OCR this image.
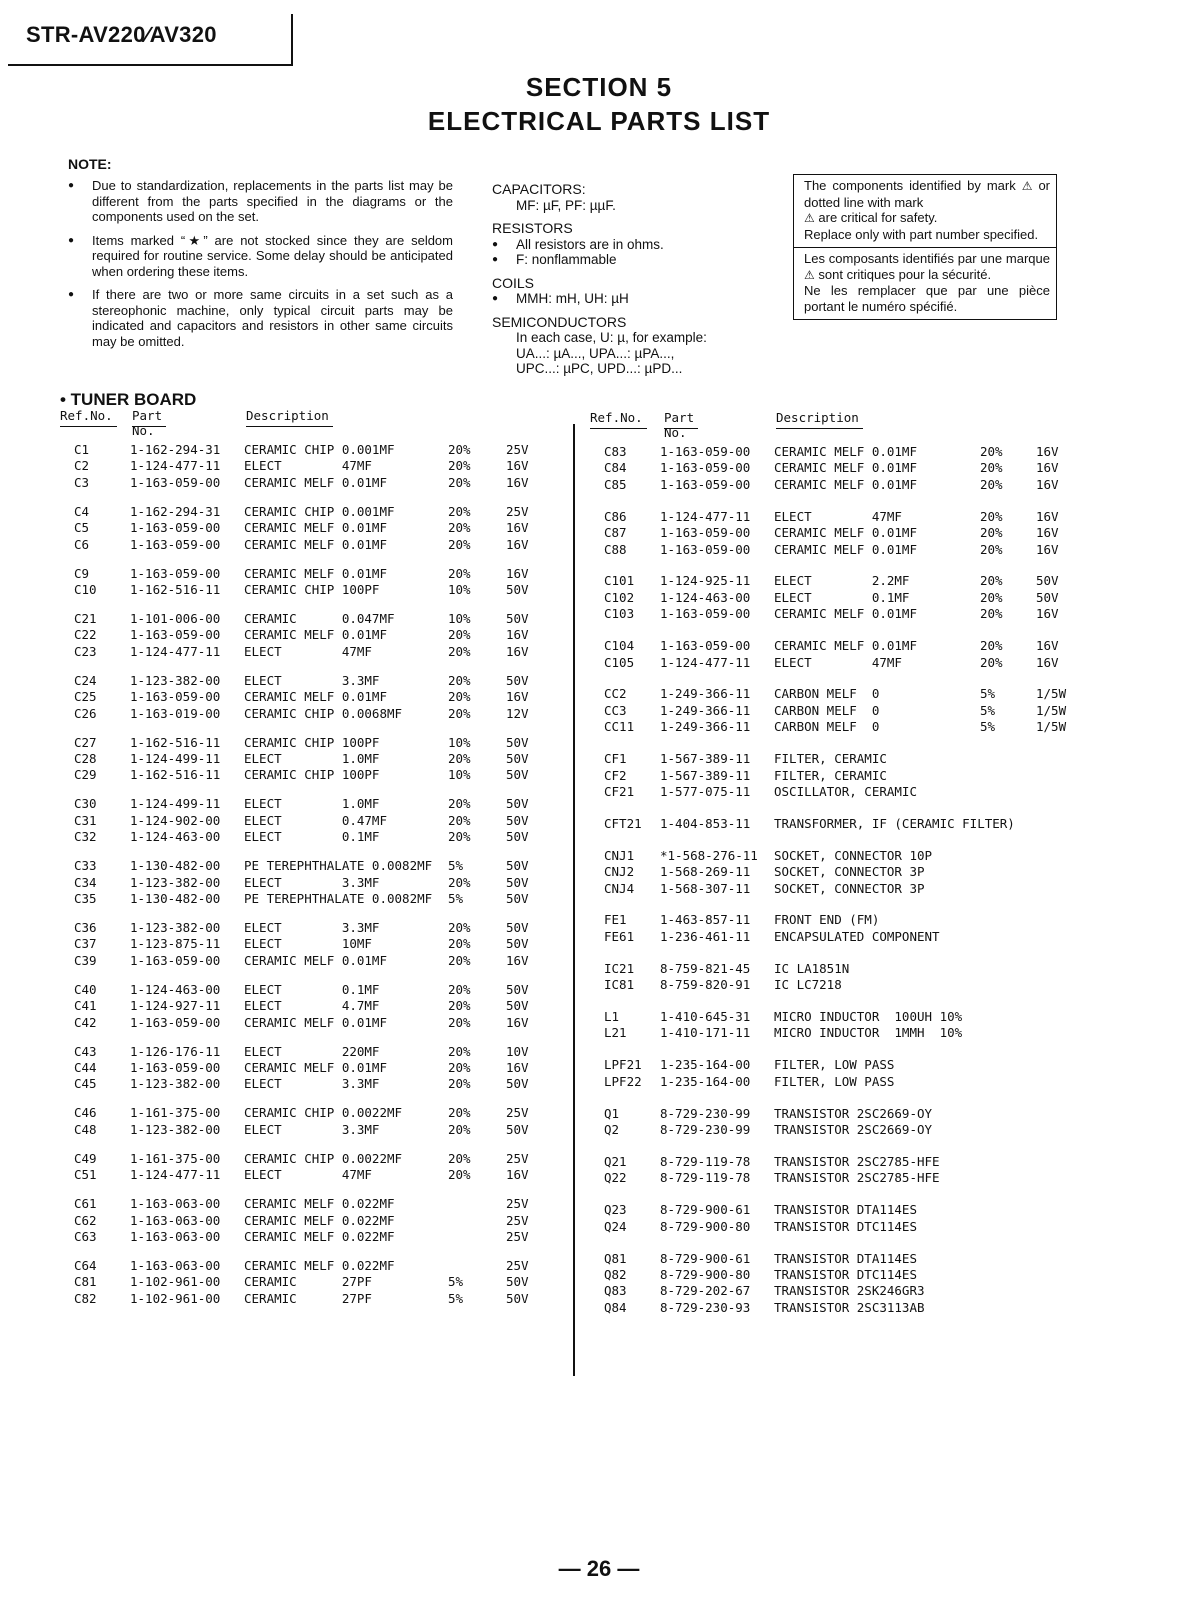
STR-AV220∕AV320
SECTION 5
ELECTRICAL PARTS LIST
NOTE:
● Due to standardization, replacements in the parts list may be different from the parts specified in the diagrams or the components used on the set.
● Items marked “★” are not stocked since they are seldom required for routine service. Some delay should be anticipated when ordering these items.
● If there are two or more same circuits in a set such as a stereophonic machine, only typical circuit parts may be indicated and capacitors and resistors in other same circuits may be omitted.
CAPACITORS:
MF: µF, PF: µµF.
RESISTORS
● All resistors are in ohms.
● F: nonflammable
COILS
● MMH: mH, UH: µH
SEMICONDUCTORS
In each case, U: µ, for example:
UA...: µA..., UPA...: µPA...,
UPC...: µPC, UPD...: µPD...
The components identified by mark ⚠ or dotted line with mark
⚠ are critical for safety.
Replace only with part number specified.
Les composants identifiés par une marque ⚠ sont critiques pour la sécurité.
Ne les remplacer que par une pièce portant le numéro spécifié.
• TUNER BOARD
Ref.No.	Part No.
Description
C1	1-162-294-31 CERAMIC CHIP 0.001MF	20%	25V
C2	1-124-477-11 ELECT        47MF	20%	16V
C3	1-163-059-00 CERAMIC MELF 0.01MF	20%	16V
C4	1-162-294-31 CERAMIC CHIP 0.001MF	20%	25V
C5	1-163-059-00 CERAMIC MELF 0.01MF	20%	16V
C6	1-163-059-00 CERAMIC MELF 0.01MF	20%	16V
C9	1-163-059-00 CERAMIC MELF 0.01MF	20%	16V
C10	1-162-516-11 CERAMIC CHIP 100PF	10%	50V
C21	1-101-006-00 CERAMIC      0.047MF	10%	50V
C22	1-163-059-00 CERAMIC MELF 0.01MF	20%	16V
C23	1-124-477-11 ELECT        47MF	20%	16V
C24	1-123-382-00 ELECT        3.3MF	20%	50V
C25	1-163-059-00 CERAMIC MELF 0.01MF	20%	16V
C26	1-163-019-00 CERAMIC CHIP 0.0068MF	20%	12V
C27	1-162-516-11 CERAMIC CHIP 100PF	10%	50V
C28	1-124-499-11 ELECT        1.0MF	20%	50V
C29	1-162-516-11 CERAMIC CHIP 100PF	10%	50V
C30	1-124-499-11 ELECT        1.0MF	20%	50V
C31	1-124-902-00 ELECT        0.47MF	20%	50V
C32	1-124-463-00 ELECT        0.1MF	20%	50V
C33	1-130-482-00 PE TEREPHTHALATE 0.0082MF 5%	50V
C34	1-123-382-00 ELECT        3.3MF	20%	50V
C35	1-130-482-00 PE TEREPHTHALATE 0.0082MF 5%	50V
C36	1-123-382-00 ELECT        3.3MF	20%	50V
C37	1-123-875-11 ELECT        10MF	20%	50V
C39	1-163-059-00 CERAMIC MELF 0.01MF	20%	16V
C40	1-124-463-00 ELECT        0.1MF	20%	50V
C41	1-124-927-11 ELECT        4.7MF	20%	50V
C42	1-163-059-00 CERAMIC MELF 0.01MF	20%	16V
C43	1-126-176-11 ELECT        220MF	20%	10V
C44	1-163-059-00 CERAMIC MELF 0.01MF	20%	16V
C45	1-123-382-00 ELECT        3.3MF	20%	50V
C46	1-161-375-00 CERAMIC CHIP 0.0022MF	20%	25V
C48	1-123-382-00 ELECT        3.3MF	20%	50V
C49	1-161-375-00 CERAMIC CHIP 0.0022MF	20%	25V
C51	1-124-477-11 ELECT        47MF	20%	16V
C61	1-163-063-00 CERAMIC MELF 0.022MF	25V
C62	1-163-063-00 CERAMIC MELF 0.022MF	25V
C63	1-163-063-00 CERAMIC MELF 0.022MF	25V
C64	1-163-063-00 CERAMIC MELF 0.022MF	25V
C81	1-102-961-00 CERAMIC      27PF	5%	50V
C82	1-102-961-00 CERAMIC      27PF	5%	50V
Ref.No.	Part No.
Description
C83	1-163-059-00 CERAMIC MELF 0.01MF	20%	16V
C84	1-163-059-00 CERAMIC MELF 0.01MF	20%	16V
C85	1-163-059-00 CERAMIC MELF 0.01MF	20%	16V
C86	1-124-477-11 ELECT        47MF	20%	16V
C87	1-163-059-00 CERAMIC MELF 0.01MF	20%	16V
C88	1-163-059-00 CERAMIC MELF 0.01MF	20%	16V
C101 1-124-925-11 ELECT        2.2MF	20%	50V
C102 1-124-463-00 ELECT        0.1MF	20%	50V
C103 1-163-059-00 CERAMIC MELF 0.01MF	20%	16V
C104 1-163-059-00 CERAMIC MELF 0.01MF	20%	16V
C105 1-124-477-11 ELECT        47MF	20%	16V
CC2	1-249-366-11 CARBON MELF  0	5%	1/5W
CC3	1-249-366-11 CARBON MELF  0	5%	1/5W
CC11 1-249-366-11 CARBON MELF  0	5%	1/5W
CF1	1-567-389-11 FILTER, CERAMIC
CF2	1-567-389-11 FILTER, CERAMIC
CF21 1-577-075-11 OSCILLATOR, CERAMIC
CFT21 1-404-853-11 TRANSFORMER, IF (CERAMIC FILTER)
CNJ1 *1-568-276-11 SOCKET, CONNECTOR 10P
CNJ2 1-568-269-11 SOCKET, CONNECTOR 3P
CNJ4 1-568-307-11 SOCKET, CONNECTOR 3P
FE1	1-463-857-11 FRONT END (FM)
FE61 1-236-461-11 ENCAPSULATED COMPONENT
IC21 8-759-821-45 IC LA1851N
IC81 8-759-820-91 IC LC7218
L1	1-410-645-31 MICRO INDUCTOR  100UH 10%
L21	1-410-171-11 MICRO INDUCTOR  1MMH  10%
LPF21 1-235-164-00 FILTER, LOW PASS
LPF22 1-235-164-00 FILTER, LOW PASS
Q1	8-729-230-99 TRANSISTOR 2SC2669-OY
Q2	8-729-230-99 TRANSISTOR 2SC2669-OY
Q21	8-729-119-78 TRANSISTOR 2SC2785-HFE
Q22	8-729-119-78 TRANSISTOR 2SC2785-HFE
Q23	8-729-900-61 TRANSISTOR DTA114ES
Q24	8-729-900-80 TRANSISTOR DTC114ES
Q81	8-729-900-61 TRANSISTOR DTA114ES
Q82	8-729-900-80 TRANSISTOR DTC114ES
Q83	8-729-202-67 TRANSISTOR 2SK246GR3
Q84	8-729-230-93 TRANSISTOR 2SC3113AB
— 26 —
